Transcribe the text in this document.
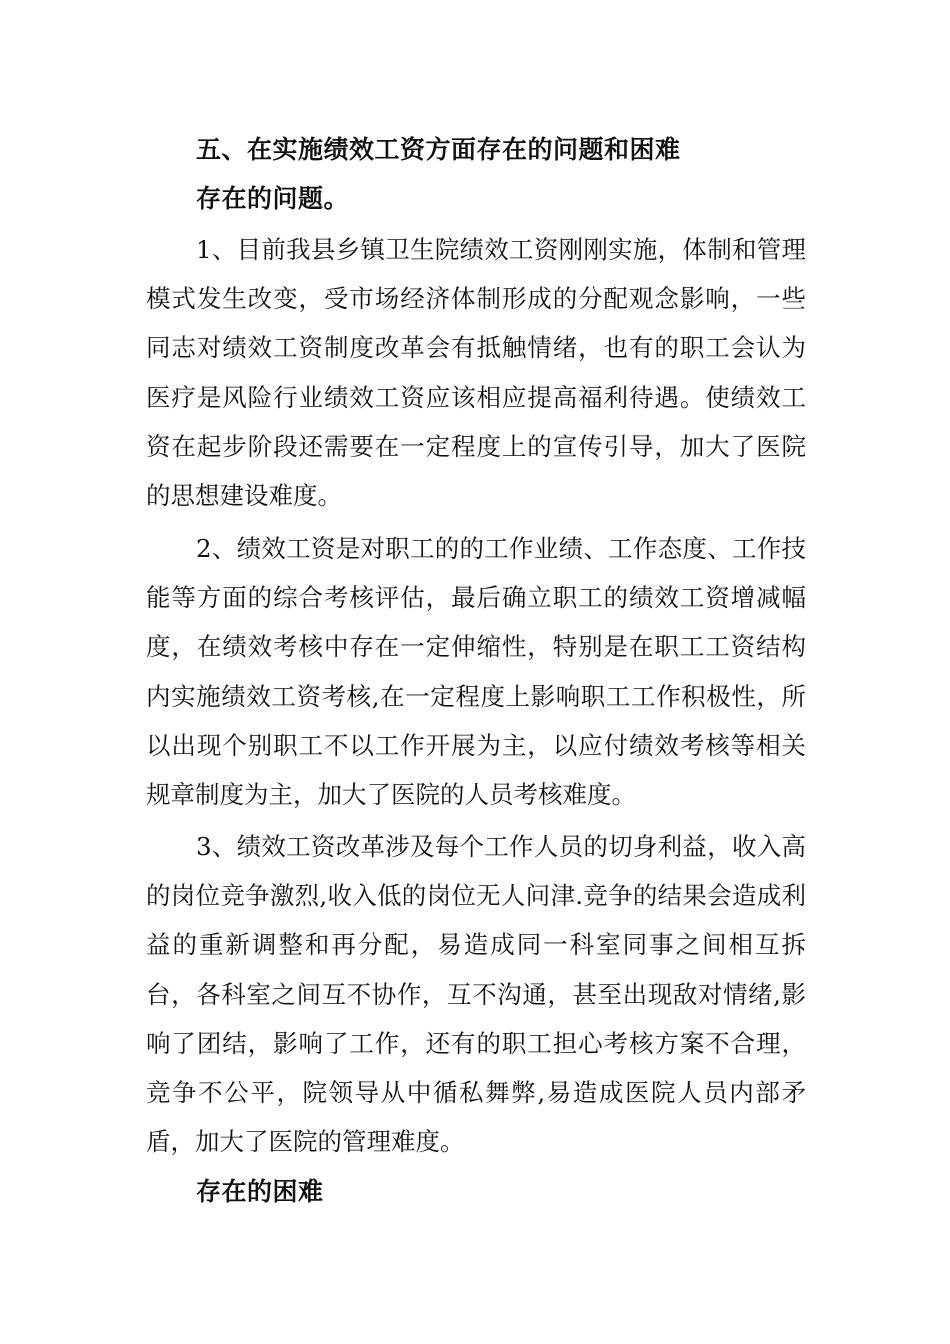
五、在实施绩效工资方面存在的问题和困难
存在的问题。

1、目前我县乡镇卫生院绩效工资刚刚实施，体制和管理模式发生改变，受市场经济体制形成的分配观念影响，一些同志对绩效工资制度改革会有抵触情绪，也有的职工会认为医疗是风险行业绩效工资应该相应提高福利待遇。使绩效工资在起步阶段还需要在一定程度上的宣传引导，加大了医院的思想建设难度。

2、绩效工资是对职工的的工作业绩、工作态度、工作技能等方面的综合考核评估，最后确立职工的绩效工资增减幅度，在绩效考核中存在一定伸缩性，特别是在职工工资结构内实施绩效工资考核,在一定程度上影响职工工作积极性，所以出现个别职工不以工作开展为主，以应付绩效考核等相关规章制度为主，加大了医院的人员考核难度。

3、绩效工资改革涉及每个工作人员的切身利益，收入高的岗位竞争激烈,收入低的岗位无人问津.竞争的结果会造成利益的重新调整和再分配，易造成同一科室同事之间相互拆台，各科室之间互不协作，互不沟通，甚至出现敌对情绪,影响了团结，影响了工作，还有的职工担心考核方案不合理，竞争不公平，院领导从中循私舞弊,易造成医院人员内部矛盾，加大了医院的管理难度。

存在的困难
